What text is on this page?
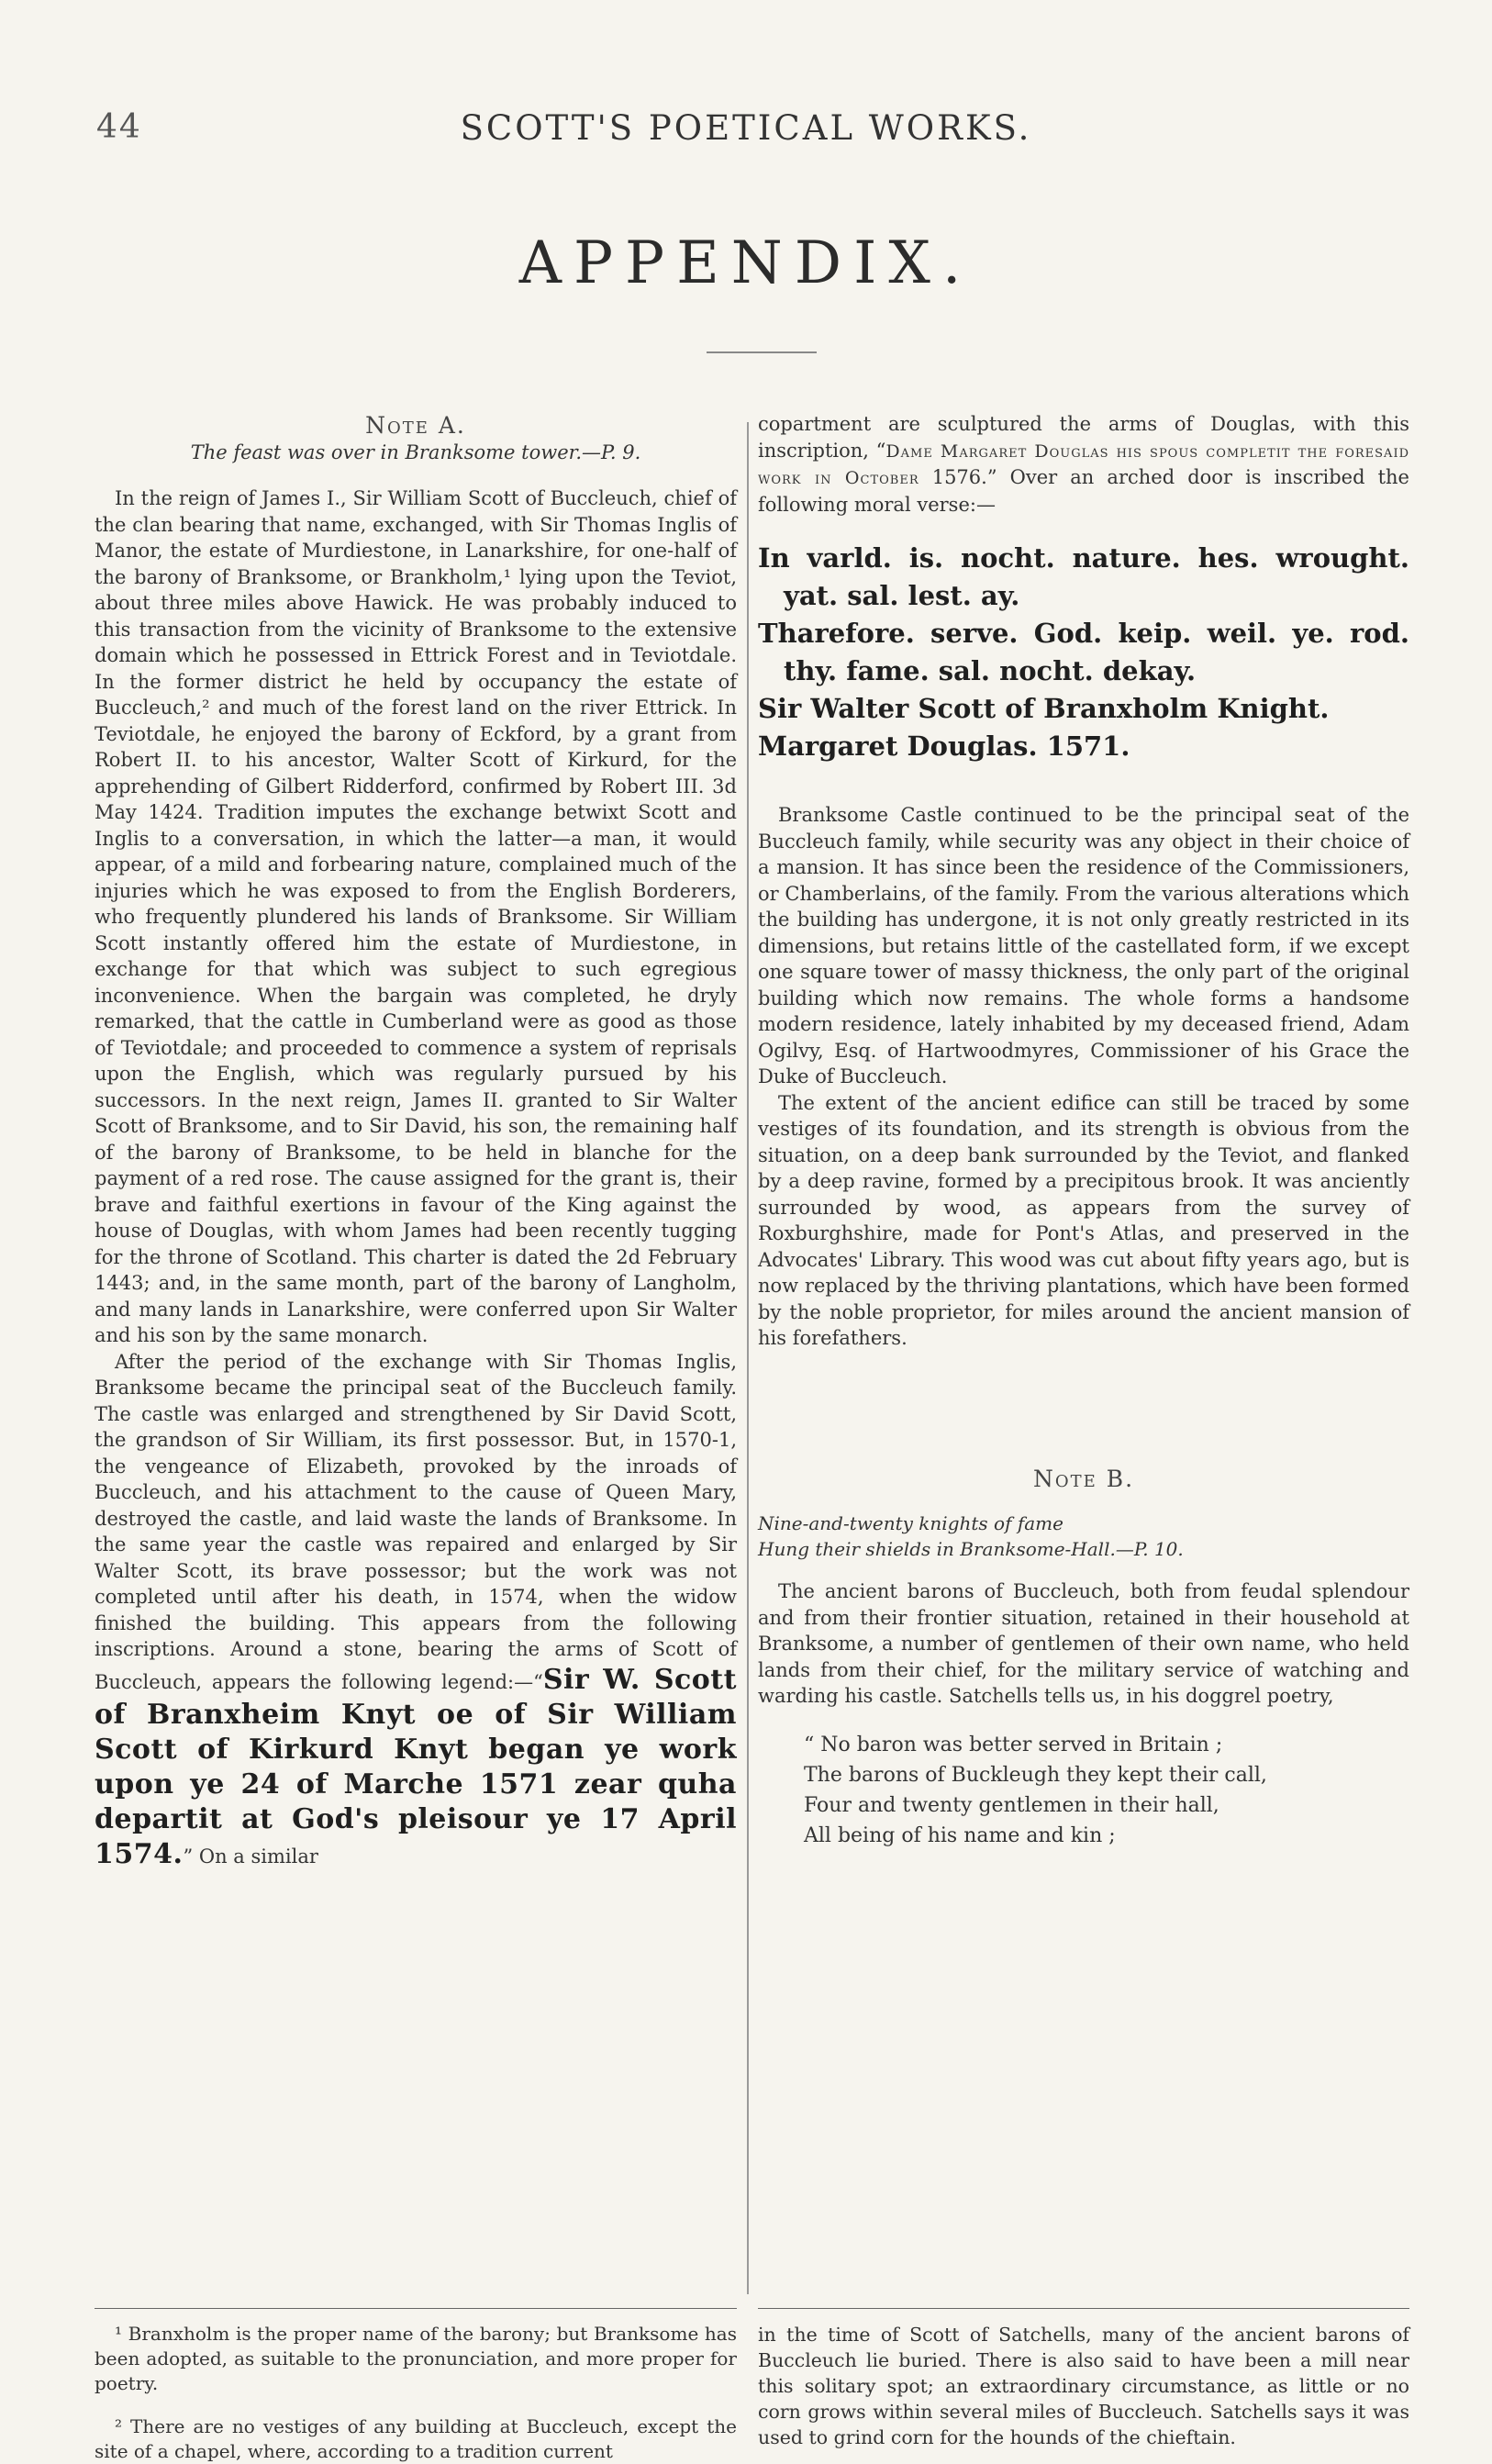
44	SCOTT'S POETICAL WORKS.
APPENDIX.

Note A.

The feast was over in Branksome tower.—P. 9.

In the reign of James I., Sir William Scott of Buccleuch, chief of the clan bearing that name, exchanged, with Sir Thomas Inglis of Manor, the estate of Murdiestone, in Lanarkshire, for one-half of the barony of Branksome, or Brankholm,¹ lying upon the Teviot, about three miles above Hawick. He was probably induced to this transaction from the vicinity of Branksome to the extensive domain which he possessed in Ettrick Forest and in Teviotdale. In the former district he held by occupancy the estate of Buccleuch,² and much of the forest land on the river Ettrick. In Teviotdale, he enjoyed the barony of Eckford, by a grant from Robert II. to his ancestor, Walter Scott of Kirkurd, for the apprehending of Gilbert Ridderford, confirmed by Robert III. 3d May 1424. Tradition imputes the exchange betwixt Scott and Inglis to a conversation, in which the latter—a man, it would appear, of a mild and forbearing nature, complained much of the injuries which he was exposed to from the English Borderers, who frequently plundered his lands of Branksome. Sir William Scott instantly offered him the estate of Murdiestone, in exchange for that which was subject to such egregious inconvenience. When the bargain was completed, he dryly remarked, that the cattle in Cumberland were as good as those of Teviotdale; and proceeded to commence a system of reprisals upon the English, which was regularly pursued by his successors. In the next reign, James II. granted to Sir Walter Scott of Branksome, and to Sir David, his son, the remaining half of the barony of Branksome, to be held in blanche for the payment of a red rose. The cause assigned for the grant is, their brave and faithful exertions in favour of the King against the house of Douglas, with whom James had been recently tugging for the throne of Scotland. This charter is dated the 2d February 1443; and, in the same month, part of the barony of Langholm, and many lands in Lanarkshire, were conferred upon Sir Walter and his son by the same monarch.

After the period of the exchange with Sir Thomas Inglis, Branksome became the principal seat of the Buccleuch family. The castle was enlarged and strengthened by Sir David Scott, the grandson of Sir William, its first possessor. But, in 1570-1, the vengeance of Elizabeth, provoked by the inroads of Buccleuch, and his attachment to the cause of Queen Mary, destroyed the castle, and laid waste the lands of Branksome. In the same year the castle was repaired and enlarged by Sir Walter Scott, its brave possessor; but the work was not completed until after his death, in 1574, when the widow finished the building. This appears from the following inscriptions. Around a stone, bearing the arms of Scott of Buccleuch, appears the following legend:—“Sir W. Scott of Branxheim Knyt oe of Sir William Scott of Kirkurd Knyt began ye work upon ye 24 of Marche 1571 zear quha departit at God's pleisour ye 17 April 1574.” On a similar

copartment are sculptured the arms of Douglas, with this inscription, “Dame Margaret Douglas his spous completit the foresaid work in October 1576.” Over an arched door is inscribed the following moral verse:—

In varld. is. nocht. nature. hes. wrought. yat. sal. lest. ay.
Tharefore. serve. God. keip. weil. ye. rod. thy. fame. sal. nocht. dekay.
Sir Walter Scott of Branxholm Knight.
Margaret Douglas. 1571.

Branksome Castle continued to be the principal seat of the Buccleuch family, while security was any object in their choice of a mansion. It has since been the residence of the Commissioners, or Chamberlains, of the family. From the various alterations which the building has undergone, it is not only greatly restricted in its dimensions, but retains little of the castellated form, if we except one square tower of massy thickness, the only part of the original building which now remains. The whole forms a handsome modern residence, lately inhabited by my deceased friend, Adam Ogilvy, Esq. of Hartwoodmyres, Commissioner of his Grace the Duke of Buccleuch.

The extent of the ancient edifice can still be traced by some vestiges of its foundation, and its strength is obvious from the situation, on a deep bank surrounded by the Teviot, and flanked by a deep ravine, formed by a precipitous brook. It was anciently surrounded by wood, as appears from the survey of Roxburghshire, made for Pont's Atlas, and preserved in the Advocates' Library. This wood was cut about fifty years ago, but is now replaced by the thriving plantations, which have been formed by the noble proprietor, for miles around the ancient mansion of his forefathers.

Note B.

Nine-and-twenty knights of fame

Hung their shields in Branksome-Hall.—P. 10.

The ancient barons of Buccleuch, both from feudal splendour and from their frontier situation, retained in their household at Branksome, a number of gentlemen of their own name, who held lands from their chief, for the military service of watching and warding his castle. Satchells tells us, in his doggrel poetry,

“ No baron was better served in Britain ;
The barons of Buckleugh they kept their call,
Four and twenty gentlemen in their hall,
All being of his name and kin ;

¹ Branxholm is the proper name of the barony; but Branksome has been adopted, as suitable to the pronunciation, and more proper for poetry.

² There are no vestiges of any building at Buccleuch, except the site of a chapel, where, according to a tradition current

in the time of Scott of Satchells, many of the ancient barons of Buccleuch lie buried. There is also said to have been a mill near this solitary spot; an extraordinary circumstance, as little or no corn grows within several miles of Buccleuch. Satchells says it was used to grind corn for the hounds of the chieftain.
